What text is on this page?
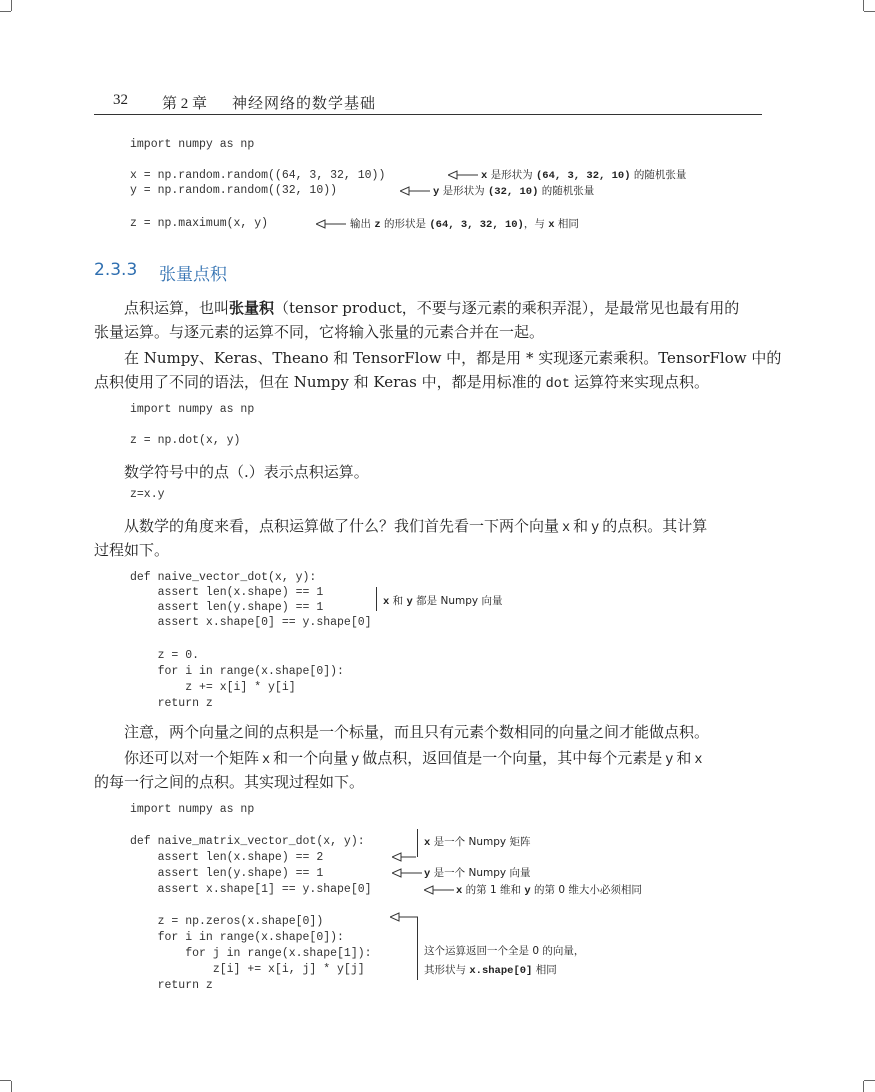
32 第 2 章 神经网络的数学基础
import numpy as np
x = np.random.random((64, 3, 32, 10))
y = np.random.random((32, 10))
z = np.maximum(x, y)
x 是形状为 (64, 3, 32, 10) 的随机张量
y 是形状为 (32, 10) 的随机张量
输出 z 的形状是 (64, 3, 32, 10)，与 x 相同
2.3.3 张量点积
点积运算，也叫张量积（tensor product，不要与逐元素的乘积弄混），是最常见也最有用的
张量运算。与逐元素的运算不同，它将输入张量的元素合并在一起。
在 Numpy、Keras、Theano 和 TensorFlow 中，都是用 * 实现逐元素乘积。TensorFlow 中的
点积使用了不同的语法，但在 Numpy 和 Keras 中，都是用标准的 dot 运算符来实现点积。
import numpy as np
z = np.dot(x, y)
数学符号中的点（.）表示点积运算。
z=x.y
从数学的角度来看，点积运算做了什么？我们首先看一下两个向量 x 和 y 的点积。其计算
过程如下。
def naive_vector_dot(x, y):
assert len(x.shape) == 1
assert len(y.shape) == 1
assert x.shape[0] == y.shape[0]
z = 0.
for i in range(x.shape[0]):
z += x[i] * y[i]
return z
x 和 y 都是 Numpy 向量
注意，两个向量之间的点积是一个标量，而且只有元素个数相同的向量之间才能做点积。
你还可以对一个矩阵 x 和一个向量 y 做点积，返回值是一个向量，其中每个元素是 y 和 x
的每一行之间的点积。其实现过程如下。
import numpy as np
def naive_matrix_vector_dot(x, y):
assert len(x.shape) == 2
assert len(y.shape) == 1
assert x.shape[1] == y.shape[0]
z = np.zeros(x.shape[0])
for i in range(x.shape[0]):
for j in range(x.shape[1]):
z[i] += x[i, j] * y[j]
return z
x 是一个 Numpy 矩阵
y 是一个 Numpy 向量
x 的第 1 维和 y 的第 0 维大小必须相同
这个运算返回一个全是 0 的向量，
其形状与 x.shape[0] 相同
